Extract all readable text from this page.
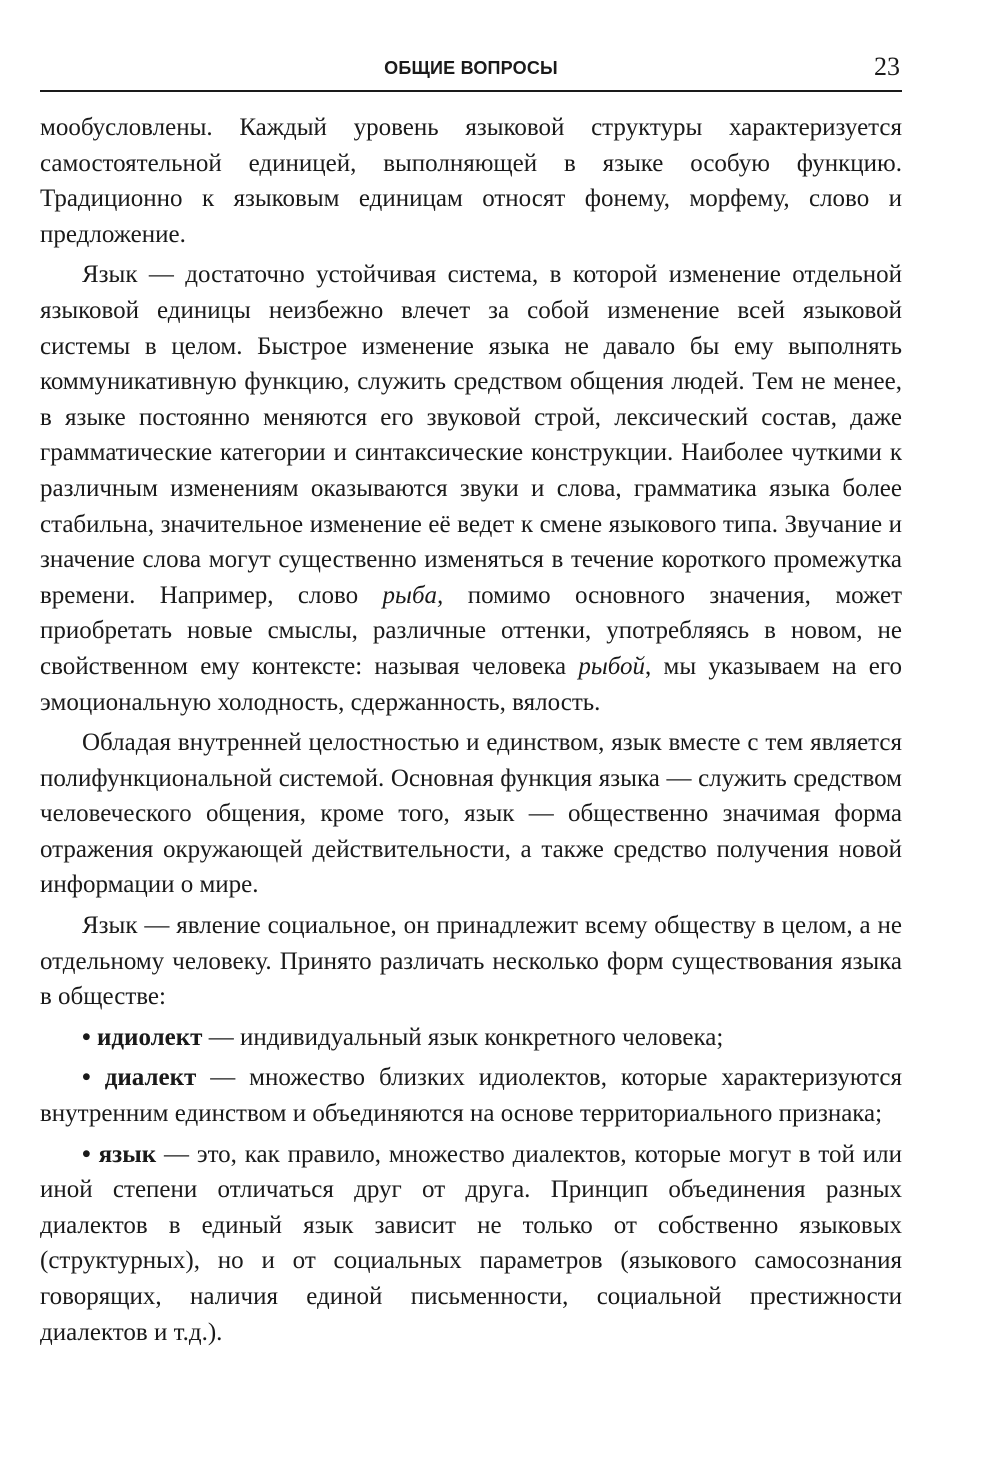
ОБЩИЕ ВОПРОСЫ	23

мообусловлены. Каждый уровень языковой структуры характеризуется самостоятельной единицей, выполняющей в языке особую функцию. Традиционно к языковым единицам относят фонему, морфему, слово и предложение.

Язык — достаточно устойчивая система, в которой изменение отдельной языковой единицы неизбежно влечет за собой изменение всей языковой системы в целом. Быстрое изменение языка не давало бы ему выполнять коммуникативную функцию, служить средством общения людей. Тем не менее, в языке постоянно меняются его звуковой строй, лексический состав, даже грамматические категории и синтаксические конструкции. Наиболее чуткими к различным изменениям оказываются звуки и слова, грамматика языка более стабильна, значительное изменение её ведет к смене языкового типа. Звучание и значение слова могут существенно изменяться в течение короткого промежутка времени. Например, слово рыба, помимо основного значения, может приобретать новые смыслы, различные оттенки, употребляясь в новом, не свойственном ему контексте: называя человека рыбой, мы указываем на его эмоциональную холодность, сдержанность, вялость.

Обладая внутренней целостностью и единством, язык вместе с тем является полифункциональной системой. Основная функция языка — служить средством человеческого общения, кроме того, язык — общественно значимая форма отражения окружающей действительности, а также средство получения новой информации о мире.

Язык — явление социальное, он принадлежит всему обществу в целом, а не отдельному человеку. Принято различать несколько форм существования языка в обществе:

• идиолект — индивидуальный язык конкретного человека;

• диалект — множество близких идиолектов, которые характеризуются внутренним единством и объединяются на основе территориального признака;

• язык — это, как правило, множество диалектов, которые могут в той или иной степени отличаться друг от друга. Принцип объединения разных диалектов в единый язык зависит не только от собственно языковых (структурных), но и от социальных параметров (языкового самосознания говорящих, наличия единой письменности, социальной престижности диалектов и т.д.).
